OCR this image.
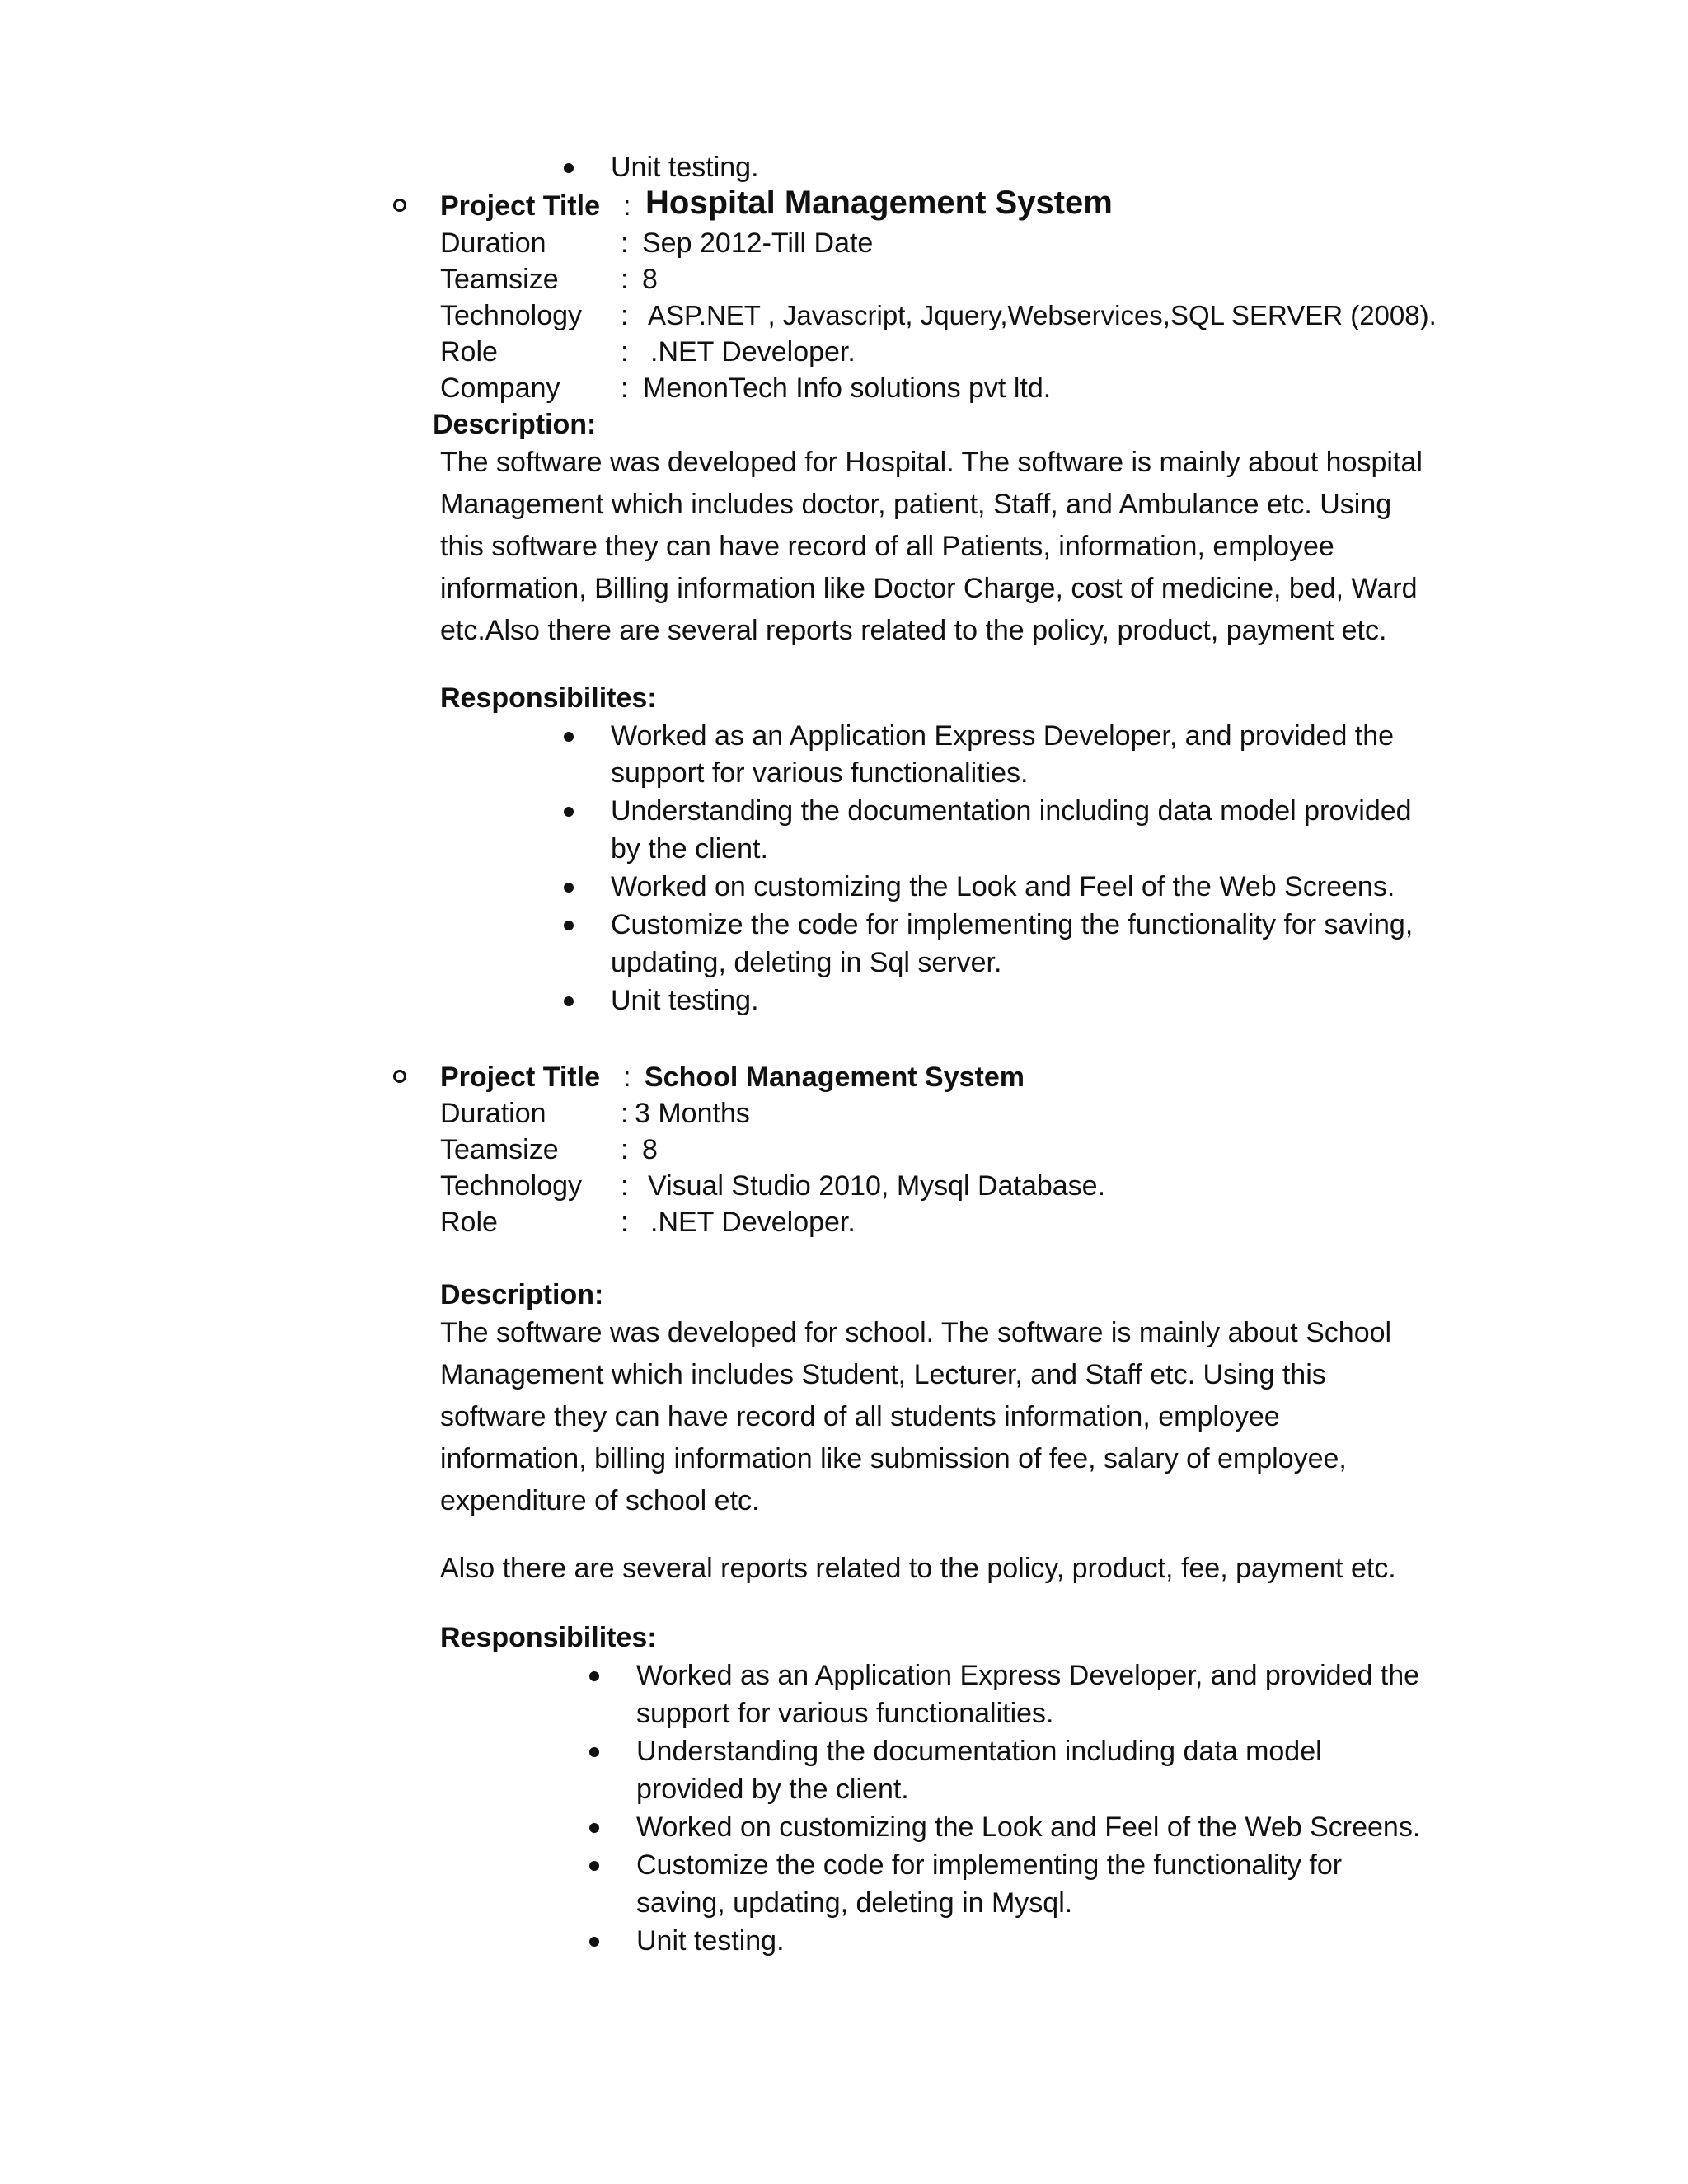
Unit testing.
Project Title : Hospital Management System
Duration	: Sep 2012-Till Date
Teamsize : 8
Technology : ASP.NET , Javascript, Jquery,Webservices,SQL SERVER (2008).
Role	: .NET Developer.
Company : MenonTech Info solutions pvt ltd.
Description:
The software was developed for Hospital. The software is mainly about hospital
Management which includes doctor, patient, Staff, and Ambulance etc. Using
this software they can have record of all Patients, information, employee
information, Billing information like Doctor Charge, cost of medicine, bed, Ward
etc.Also there are several reports related to the policy, product, payment etc.
Responsibilites:
Worked as an Application Express Developer, and provided the
support for various functionalities.
Understanding the documentation including data model provided
by the client.
Worked on customizing the Look and Feel of the Web Screens.
Customize the code for implementing the functionality for saving,
updating, deleting in Sql server.
Unit testing.
Project Title : School Management System
Duration	: 3 Months
Teamsize : 8
Technology : Visual Studio 2010, Mysql Database.
Role	: .NET Developer.
Description:
The software was developed for school. The software is mainly about School
Management which includes Student, Lecturer, and Staff etc. Using this
software they can have record of all students information, employee
information, billing information like submission of fee, salary of employee,
expenditure of school etc.
Also there are several reports related to the policy, product, fee, payment etc.
Responsibilites:
Worked as an Application Express Developer, and provided the
support for various functionalities.
Understanding the documentation including data model
provided by the client.
Worked on customizing the Look and Feel of the Web Screens.
Customize the code for implementing the functionality for
saving, updating, deleting in Mysql.
Unit testing.
